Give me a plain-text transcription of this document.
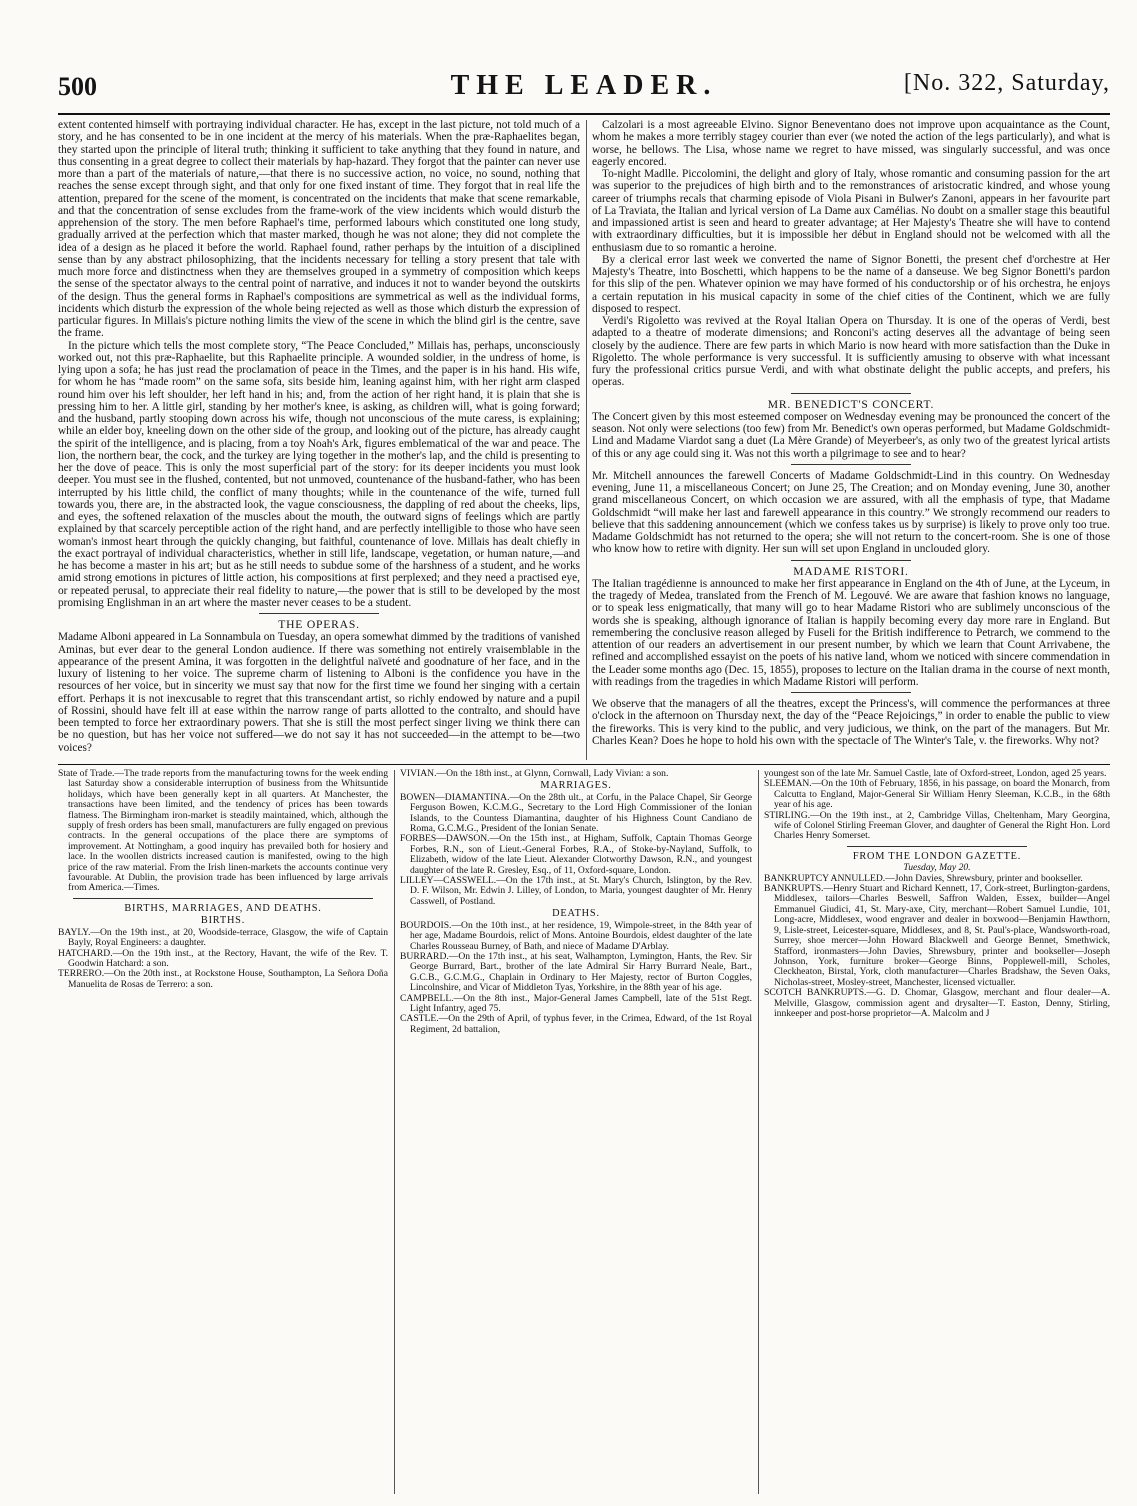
500	THE LEADER.	[No. 322, Saturday,

extent contented himself with portraying individual character. He has, except in the last picture, not told much of a story, and he has consented to be in one incident at the mercy of his materials. When the præ-Raphaelites began, they started upon the principle of literal truth; thinking it sufficient to take anything that they found in nature, and thus consenting in a great degree to collect their materials by hap-hazard. They forgot that the painter can never use more than a part of the materials of nature,—that there is no successive action, no voice, no sound, nothing that reaches the sense except through sight, and that only for one fixed instant of time. They forgot that in real life the attention, prepared for the scene of the moment, is concentrated on the incidents that make that scene remarkable, and that the concentration of sense excludes from the frame-work of the view incidents which would disturb the apprehension of the story. The men before Raphael's time, performed labours which constituted one long study, gradually arrived at the perfection which that master marked, though he was not alone; they did not complete the idea of a design as he placed it before the world. Raphael found, rather perhaps by the intuition of a disciplined sense than by any abstract philosophizing, that the incidents necessary for telling a story present that tale with much more force and distinctness when they are themselves grouped in a symmetry of composition which keeps the sense of the spectator always to the central point of narrative, and induces it not to wander beyond the outskirts of the design. Thus the general forms in Raphael's compositions are symmetrical as well as the individual forms, incidents which disturb the expression of the whole being rejected as well as those which disturb the expression of particular figures. In Millais's picture nothing limits the view of the scene in which the blind girl is the centre, save the frame.

In the picture which tells the most complete story, “The Peace Concluded,” Millais has, perhaps, unconsciously worked out, not this præ-Raphaelite, but this Raphaelite principle. A wounded soldier, in the undress of home, is lying upon a sofa; he has just read the proclamation of peace in the Times, and the paper is in his hand. His wife, for whom he has “made room” on the same sofa, sits beside him, leaning against him, with her right arm clasped round him over his left shoulder, her left hand in his; and, from the action of her right hand, it is plain that she is pressing him to her. A little girl, standing by her mother's knee, is asking, as children will, what is going forward; and the husband, partly stooping down across his wife, though not unconscious of the mute caress, is explaining; while an elder boy, kneeling down on the other side of the group, and looking out of the picture, has already caught the spirit of the intelligence, and is placing, from a toy Noah's Ark, figures emblematical of the war and peace. The lion, the northern bear, the cock, and the turkey are lying together in the mother's lap, and the child is presenting to her the dove of peace. This is only the most superficial part of the story: for its deeper incidents you must look deeper. You must see in the flushed, contented, but not unmoved, countenance of the husband-father, who has been interrupted by his little child, the conflict of many thoughts; while in the countenance of the wife, turned full towards you, there are, in the abstracted look, the vague consciousness, the dappling of red about the cheeks, lips, and eyes, the softened relaxation of the muscles about the mouth, the outward signs of feelings which are partly explained by that scarcely perceptible action of the right hand, and are perfectly intelligible to those who have seen woman's inmost heart through the quickly changing, but faithful, countenance of love. Millais has dealt chiefly in the exact portrayal of individual characteristics, whether in still life, landscape, vegetation, or human nature,—and he has become a master in his art; but as he still needs to subdue some of the harshness of a student, and he works amid strong emotions in pictures of little action, his compositions at first perplexed; and they need a practised eye, or repeated perusal, to appreciate their real fidelity to nature,—the power that is still to be developed by the most promising Englishman in an art where the master never ceases to be a student.

THE OPERAS.

Madame Alboni appeared in La Sonnambula on Tuesday, an opera somewhat dimmed by the traditions of vanished Aminas, but ever dear to the general London audience. If there was something not entirely vraisemblable in the appearance of the present Amina, it was forgotten in the delightful naïveté and goodnature of her face, and in the luxury of listening to her voice. The supreme charm of listening to Alboni is the confidence you have in the resources of her voice, but in sincerity we must say that now for the first time we found her singing with a certain effort. Perhaps it is not inexcusable to regret that this transcendant artist, so richly endowed by nature and a pupil of Rossini, should have felt ill at ease within the narrow range of parts allotted to the contralto, and should have been tempted to force her extraordinary powers. That she is still the most perfect singer living we think there can be no question, but has her voice not suffered—we do not say it has not succeeded—in the attempt to be—two voices?

Calzolari is a most agreeable Elvino. Signor Beneventano does not improve upon acquaintance as the Count, whom he makes a more terribly stagey courier than ever (we noted the action of the legs particularly), and what is worse, he bellows. The Lisa, whose name we regret to have missed, was singularly successful, and was once eagerly encored.

To-night Madlle. Piccolomini, the delight and glory of Italy, whose romantic and consuming passion for the art was superior to the prejudices of high birth and to the remonstrances of aristocratic kindred, and whose young career of triumphs recals that charming episode of Viola Pisani in Bulwer's Zanoni, appears in her favourite part of La Traviata, the Italian and lyrical version of La Dame aux Camélias. No doubt on a smaller stage this beautiful and impassioned artist is seen and heard to greater advantage; at Her Majesty's Theatre she will have to contend with extraordinary difficulties, but it is impossible her début in England should not be welcomed with all the enthusiasm due to so romantic a heroine.

By a clerical error last week we converted the name of Signor Bonetti, the present chef d'orchestre at Her Majesty's Theatre, into Boschetti, which happens to be the name of a danseuse. We beg Signor Bonetti's pardon for this slip of the pen. Whatever opinion we may have formed of his conductorship or of his orchestra, he enjoys a certain reputation in his musical capacity in some of the chief cities of the Continent, which we are fully disposed to respect.

Verdi's Rigoletto was revived at the Royal Italian Opera on Thursday. It is one of the operas of Verdi, best adapted to a theatre of moderate dimensions; and Ronconi's acting deserves all the advantage of being seen closely by the audience. There are few parts in which Mario is now heard with more satisfaction than the Duke in Rigoletto. The whole performance is very successful. It is sufficiently amusing to observe with what incessant fury the professional critics pursue Verdi, and with what obstinate delight the public accepts, and prefers, his operas.

MR. BENEDICT'S CONCERT.

The Concert given by this most esteemed composer on Wednesday evening may be pronounced the concert of the season. Not only were selections (too few) from Mr. Benedict's own operas performed, but Madame Goldschmidt-Lind and Madame Viardot sang a duet (La Mère Grande) of Meyerbeer's, as only two of the greatest lyrical artists of this or any age could sing it. Was not this worth a pilgrimage to see and to hear?

Mr. Mitchell announces the farewell Concerts of Madame Goldschmidt-Lind in this country. On Wednesday evening, June 11, a miscellaneous Concert; on June 25, The Creation; and on Monday evening, June 30, another grand miscellaneous Concert, on which occasion we are assured, with all the emphasis of type, that Madame Goldschmidt “will make her last and farewell appearance in this country.” We strongly recommend our readers to believe that this saddening announcement (which we confess takes us by surprise) is likely to prove only too true. Madame Goldschmidt has not returned to the opera; she will not return to the concert-room. She is one of those who know how to retire with dignity. Her sun will set upon England in unclouded glory.

MADAME RISTORI.

The Italian tragédienne is announced to make her first appearance in England on the 4th of June, at the Lyceum, in the tragedy of Medea, translated from the French of M. Legouvé. We are aware that fashion knows no language, or to speak less enigmatically, that many will go to hear Madame Ristori who are sublimely unconscious of the words she is speaking, although ignorance of Italian is happily becoming every day more rare in England. But remembering the conclusive reason alleged by Fuseli for the British indifference to Petrarch, we commend to the attention of our readers an advertisement in our present number, by which we learn that Count Arrivabene, the refined and accomplished essayist on the poets of his native land, whom we noticed with sincere commendation in the Leader some months ago (Dec. 15, 1855), proposes to lecture on the Italian drama in the course of next month, with readings from the tragedies in which Madame Ristori will perform.

We observe that the managers of all the theatres, except the Princess's, will commence the performances at three o'clock in the afternoon on Thursday next, the day of the “Peace Rejoicings,” in order to enable the public to view the fireworks. This is very kind to the public, and very judicious, we think, on the part of the managers. But Mr. Charles Kean? Does he hope to hold his own with the spectacle of The Winter's Tale, v. the fireworks. Why not?

State of Trade.—The trade reports from the manufacturing towns for the week ending last Saturday show a considerable interruption of business from the Whitsuntide holidays, which have been generally kept in all quarters. At Manchester, the transactions have been limited, and the tendency of prices has been towards flatness. The Birmingham iron-market is steadily maintained, which, although the supply of fresh orders has been small, manufacturers are fully engaged on previous contracts. In the general occupations of the place there are symptoms of improvement. At Nottingham, a good inquiry has prevailed both for hosiery and lace. In the woollen districts increased caution is manifested, owing to the high price of the raw material. From the Irish linen-markets the accounts continue very favourable. At Dublin, the provision trade has been influenced by large arrivals from America.—Times.

BIRTHS, MARRIAGES, AND DEATHS.

BIRTHS.

BAYLY.—On the 19th inst., at 20, Woodside-terrace, Glasgow, the wife of Captain Bayly, Royal Engineers: a daughter.

HATCHARD.—On the 19th inst., at the Rectory, Havant, the wife of the Rev. T. Goodwin Hatchard: a son.

TERRERO.—On the 20th inst., at Rockstone House, Southampton, La Señora Doña Manuelita de Rosas de Terrero: a son.

VIVIAN.—On the 18th inst., at Glynn, Cornwall, Lady Vivian: a son.

MARRIAGES.

BOWEN—DIAMANTINA.—On the 28th ult., at Corfu, in the Palace Chapel, Sir George Ferguson Bowen, K.C.M.G., Secretary to the Lord High Commissioner of the Ionian Islands, to the Countess Diamantina, daughter of his Highness Count Candiano de Roma, G.C.M.G., President of the Ionian Senate.

FORBES—DAWSON.—On the 15th inst., at Higham, Suffolk, Captain Thomas George Forbes, R.N., son of Lieut.-General Forbes, R.A., of Stoke-by-Nayland, Suffolk, to Elizabeth, widow of the late Lieut. Alexander Clotworthy Dawson, R.N., and youngest daughter of the late R. Gresley, Esq., of 11, Oxford-square, London.

LILLEY—CASSWELL.—On the 17th inst., at St. Mary's Church, Islington, by the Rev. D. F. Wilson, Mr. Edwin J. Lilley, of London, to Maria, youngest daughter of Mr. Henry Casswell, of Postland.

DEATHS.

BOURDOIS.—On the 10th inst., at her residence, 19, Wimpole-street, in the 84th year of her age, Madame Bourdois, relict of Mons. Antoine Bourdois, eldest daughter of the late Charles Rousseau Burney, of Bath, and niece of Madame D'Arblay.

BURRARD.—On the 17th inst., at his seat, Walhampton, Lymington, Hants, the Rev. Sir George Burrard, Bart., brother of the late Admiral Sir Harry Burrard Neale, Bart., G.C.B., G.C.M.G., Chaplain in Ordinary to Her Majesty, rector of Burton Coggles, Lincolnshire, and Vicar of Middleton Tyas, Yorkshire, in the 88th year of his age.

CAMPBELL.—On the 8th inst., Major-General James Campbell, late of the 51st Regt. Light Infantry, aged 75.

CASTLE.—On the 29th of April, of typhus fever, in the Crimea, Edward, of the 1st Royal Regiment, 2d battalion,

youngest son of the late Mr. Samuel Castle, late of Oxford-street, London, aged 25 years.

SLEEMAN.—On the 10th of February, 1856, in his passage, on board the Monarch, from Calcutta to England, Major-General Sir William Henry Sleeman, K.C.B., in the 68th year of his age.

STIRLING.—On the 19th inst., at 2, Cambridge Villas, Cheltenham, Mary Georgina, wife of Colonel Stirling Freeman Glover, and daughter of General the Right Hon. Lord Charles Henry Somerset.

FROM THE LONDON GAZETTE.

Tuesday, May 20.

BANKRUPTCY ANNULLED.—John Davies, Shrewsbury, printer and bookseller.

BANKRUPTS.—Henry Stuart and Richard Kennett, 17, Cork-street, Burlington-gardens, Middlesex, tailors—Charles Beswell, Saffron Walden, Essex, builder—Angel Emmanuel Giudici, 41, St. Mary-axe, City, merchant—Robert Samuel Lundie, 101, Long-acre, Middlesex, wood engraver and dealer in boxwood—Benjamin Hawthorn, 9, Lisle-street, Leicester-square, Middlesex, and 8, St. Paul's-place, Wandsworth-road, Surrey, shoe mercer—John Howard Blackwell and George Bennet, Smethwick, Stafford, ironmasters—John Davies, Shrewsbury, printer and bookseller—Joseph Johnson, York, furniture broker—George Binns, Popplewell-mill, Scholes, Cleckheaton, Birstal, York, cloth manufacturer—Charles Bradshaw, the Seven Oaks, Nicholas-street, Mosley-street, Manchester, licensed victualler.

SCOTCH BANKRUPTS.—G. D. Chomar, Glasgow, merchant and flour dealer—A. Melville, Glasgow, commission agent and drysalter—T. Easton, Denny, Stirling, innkeeper and post-horse proprietor—A. Malcolm and J
